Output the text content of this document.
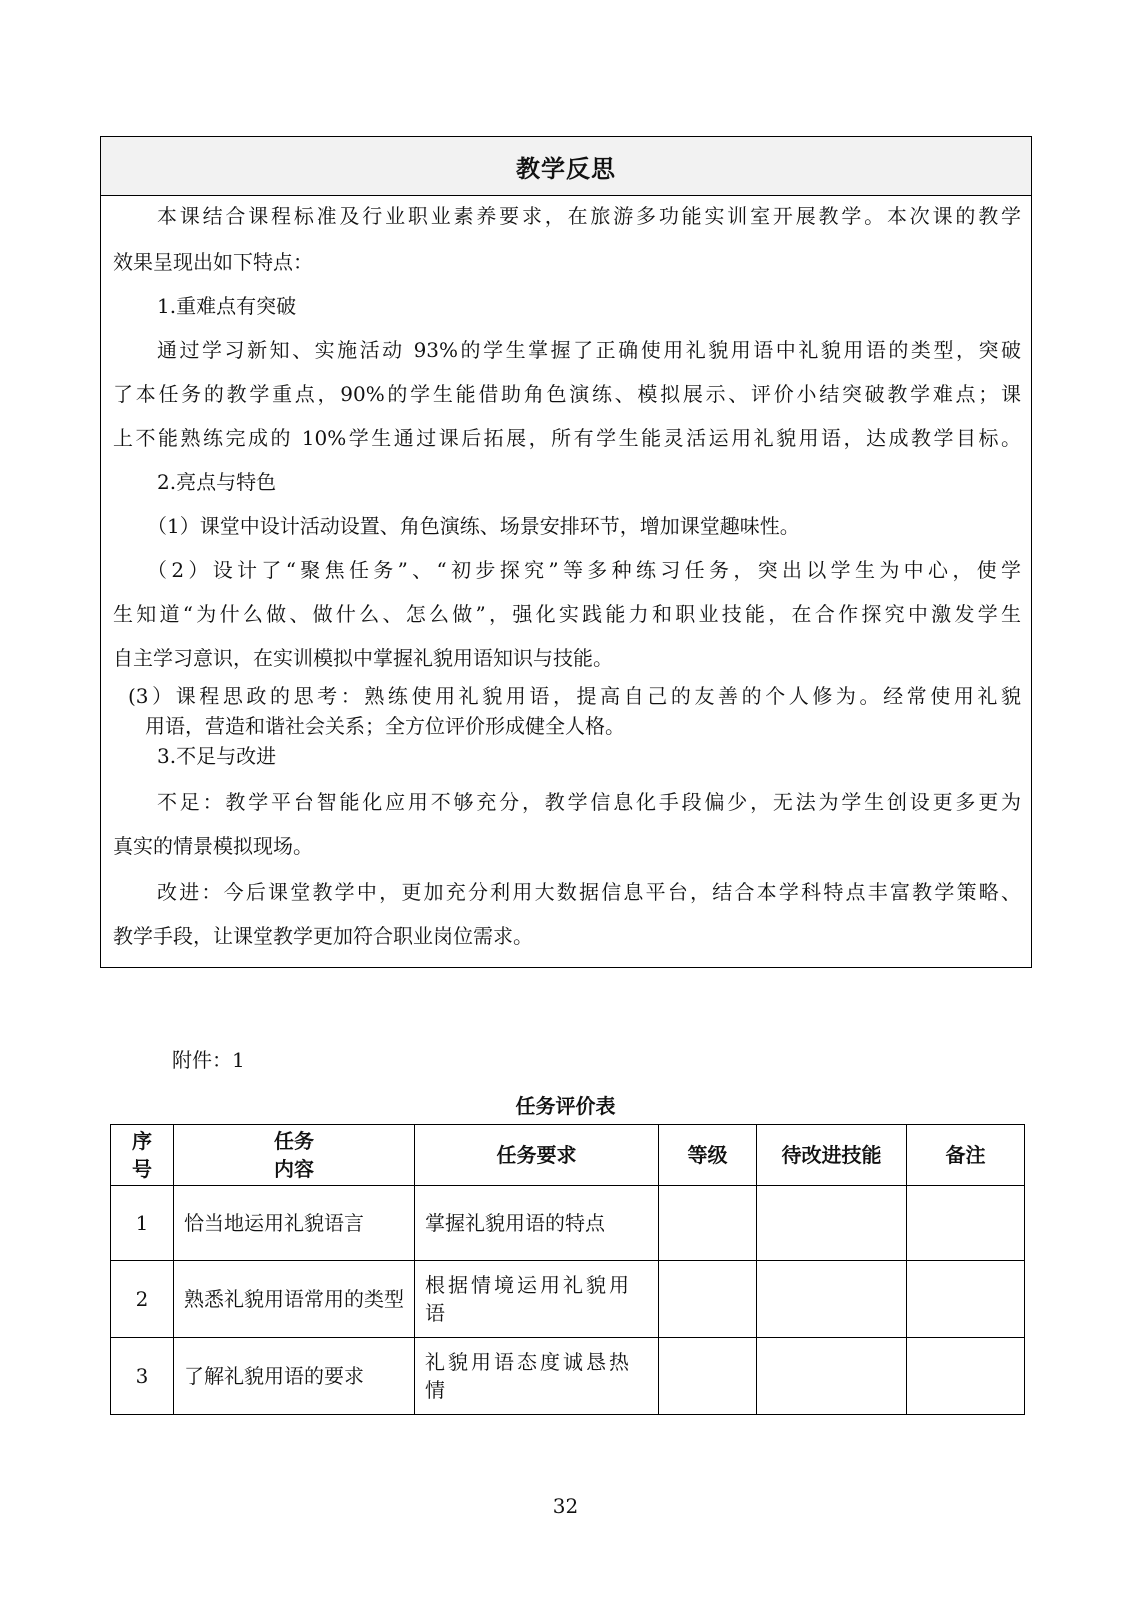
教学反思
本课结合课程标准及行业职业素养要求，在旅游多功能实训室开展教学。本次课的教学
效果呈现出如下特点：
1.重难点有突破
通过学习新知、实施活动 93%的学生掌握了正确使用礼貌用语中礼貌用语的类型，突破
了本任务的教学重点，90%的学生能借助角色演练、模拟展示、评价小结突破教学难点；课
上不能熟练完成的 10%学生通过课后拓展，所有学生能灵活运用礼貌用语，达成教学目标。
2.亮点与特色
（1）课堂中设计活动设置、角色演练、场景安排环节，增加课堂趣味性。
（2）设计了“聚焦任务”、“初步探究”等多种练习任务，突出以学生为中心，使学
生知道“为什么做、做什么、怎么做”，强化实践能力和职业技能，在合作探究中激发学生
自主学习意识，在实训模拟中掌握礼貌用语知识与技能。
(3）课程思政的思考：熟练使用礼貌用语，提高自己的友善的个人修为。经常使用礼貌
用语，营造和谐社会关系；全方位评价形成健全人格。
3.不足与改进
不足：教学平台智能化应用不够充分，教学信息化手段偏少，无法为学生创设更多更为
真实的情景模拟现场。
改进：今后课堂教学中，更加充分利用大数据信息平台，结合本学科特点丰富教学策略、
教学手段，让课堂教学更加符合职业岗位需求。
附件：1
任务评价表
序
号	任务
内容	任务要求	等级	待改进技能	备注
1	恰当地运用礼貌语言	掌握礼貌用语的特点			
2	熟悉礼貌用语常用的类型	根据情境运用礼貌用语			
3	了解礼貌用语的要求	礼貌用语态度诚恳热情			
32
